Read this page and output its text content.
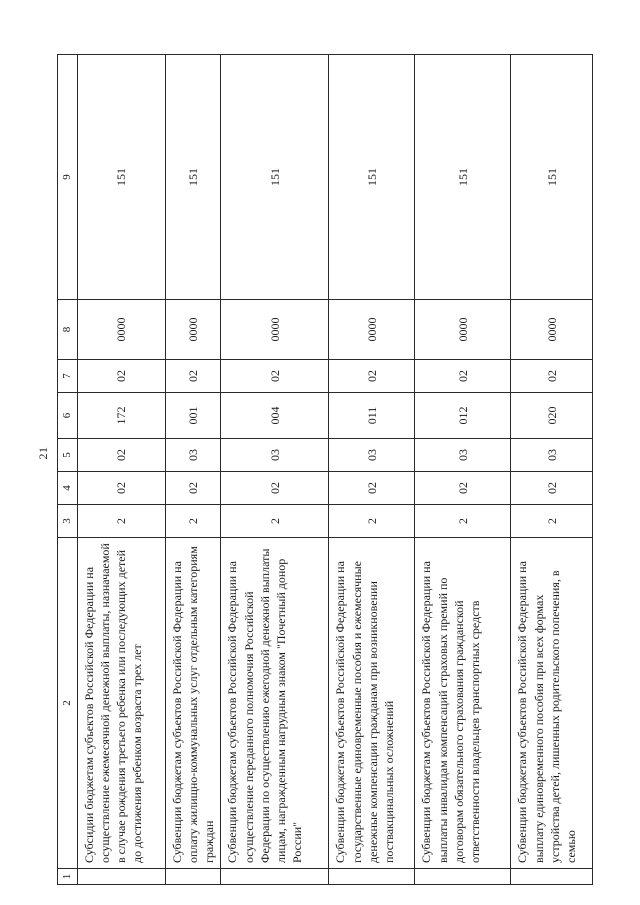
21
1	2	3	4	5	6	7	8	9
	Субсидии бюджетам субъектов Российской Федерации на осуществление ежемесячной денежной выплаты, назначаемой в случае рождения третьего ребенка или последующих детей до достижения ребенком возраста трех лет	2	02	02	172	02	0000	151
	Субвенции бюджетам субъектов Российской Федерации на оплату жилищно-коммунальных услуг отдельным категориям граждан	2	02	03	001	02	0000	151
	Субвенции бюджетам субъектов Российской Федерации на осуществление переданного полномочия Российской Федерации по осуществлению ежегодной денежной выплаты лицам, награжденным нагрудным знаком "Почетный донор России"	2	02	03	004	02	0000	151
	Субвенции бюджетам субъектов Российской Федерации на государственные единовременные пособия и ежемесячные денежные компенсации гражданам при возникновении поствакцинальных осложнений	2	02	03	011	02	0000	151
	Субвенции бюджетам субъектов Российской Федерации на выплаты инвалидам компенсаций страховых премий по договорам обязательного страхования гражданской ответственности владельцев транспортных средств	2	02	03	012	02	0000	151
	Субвенции бюджетам субъектов Российской Федерации на выплату единовременного пособия при всех формах устройства детей, лишенных родительского попечения, в семью	2	02	03	020	02	0000	151
